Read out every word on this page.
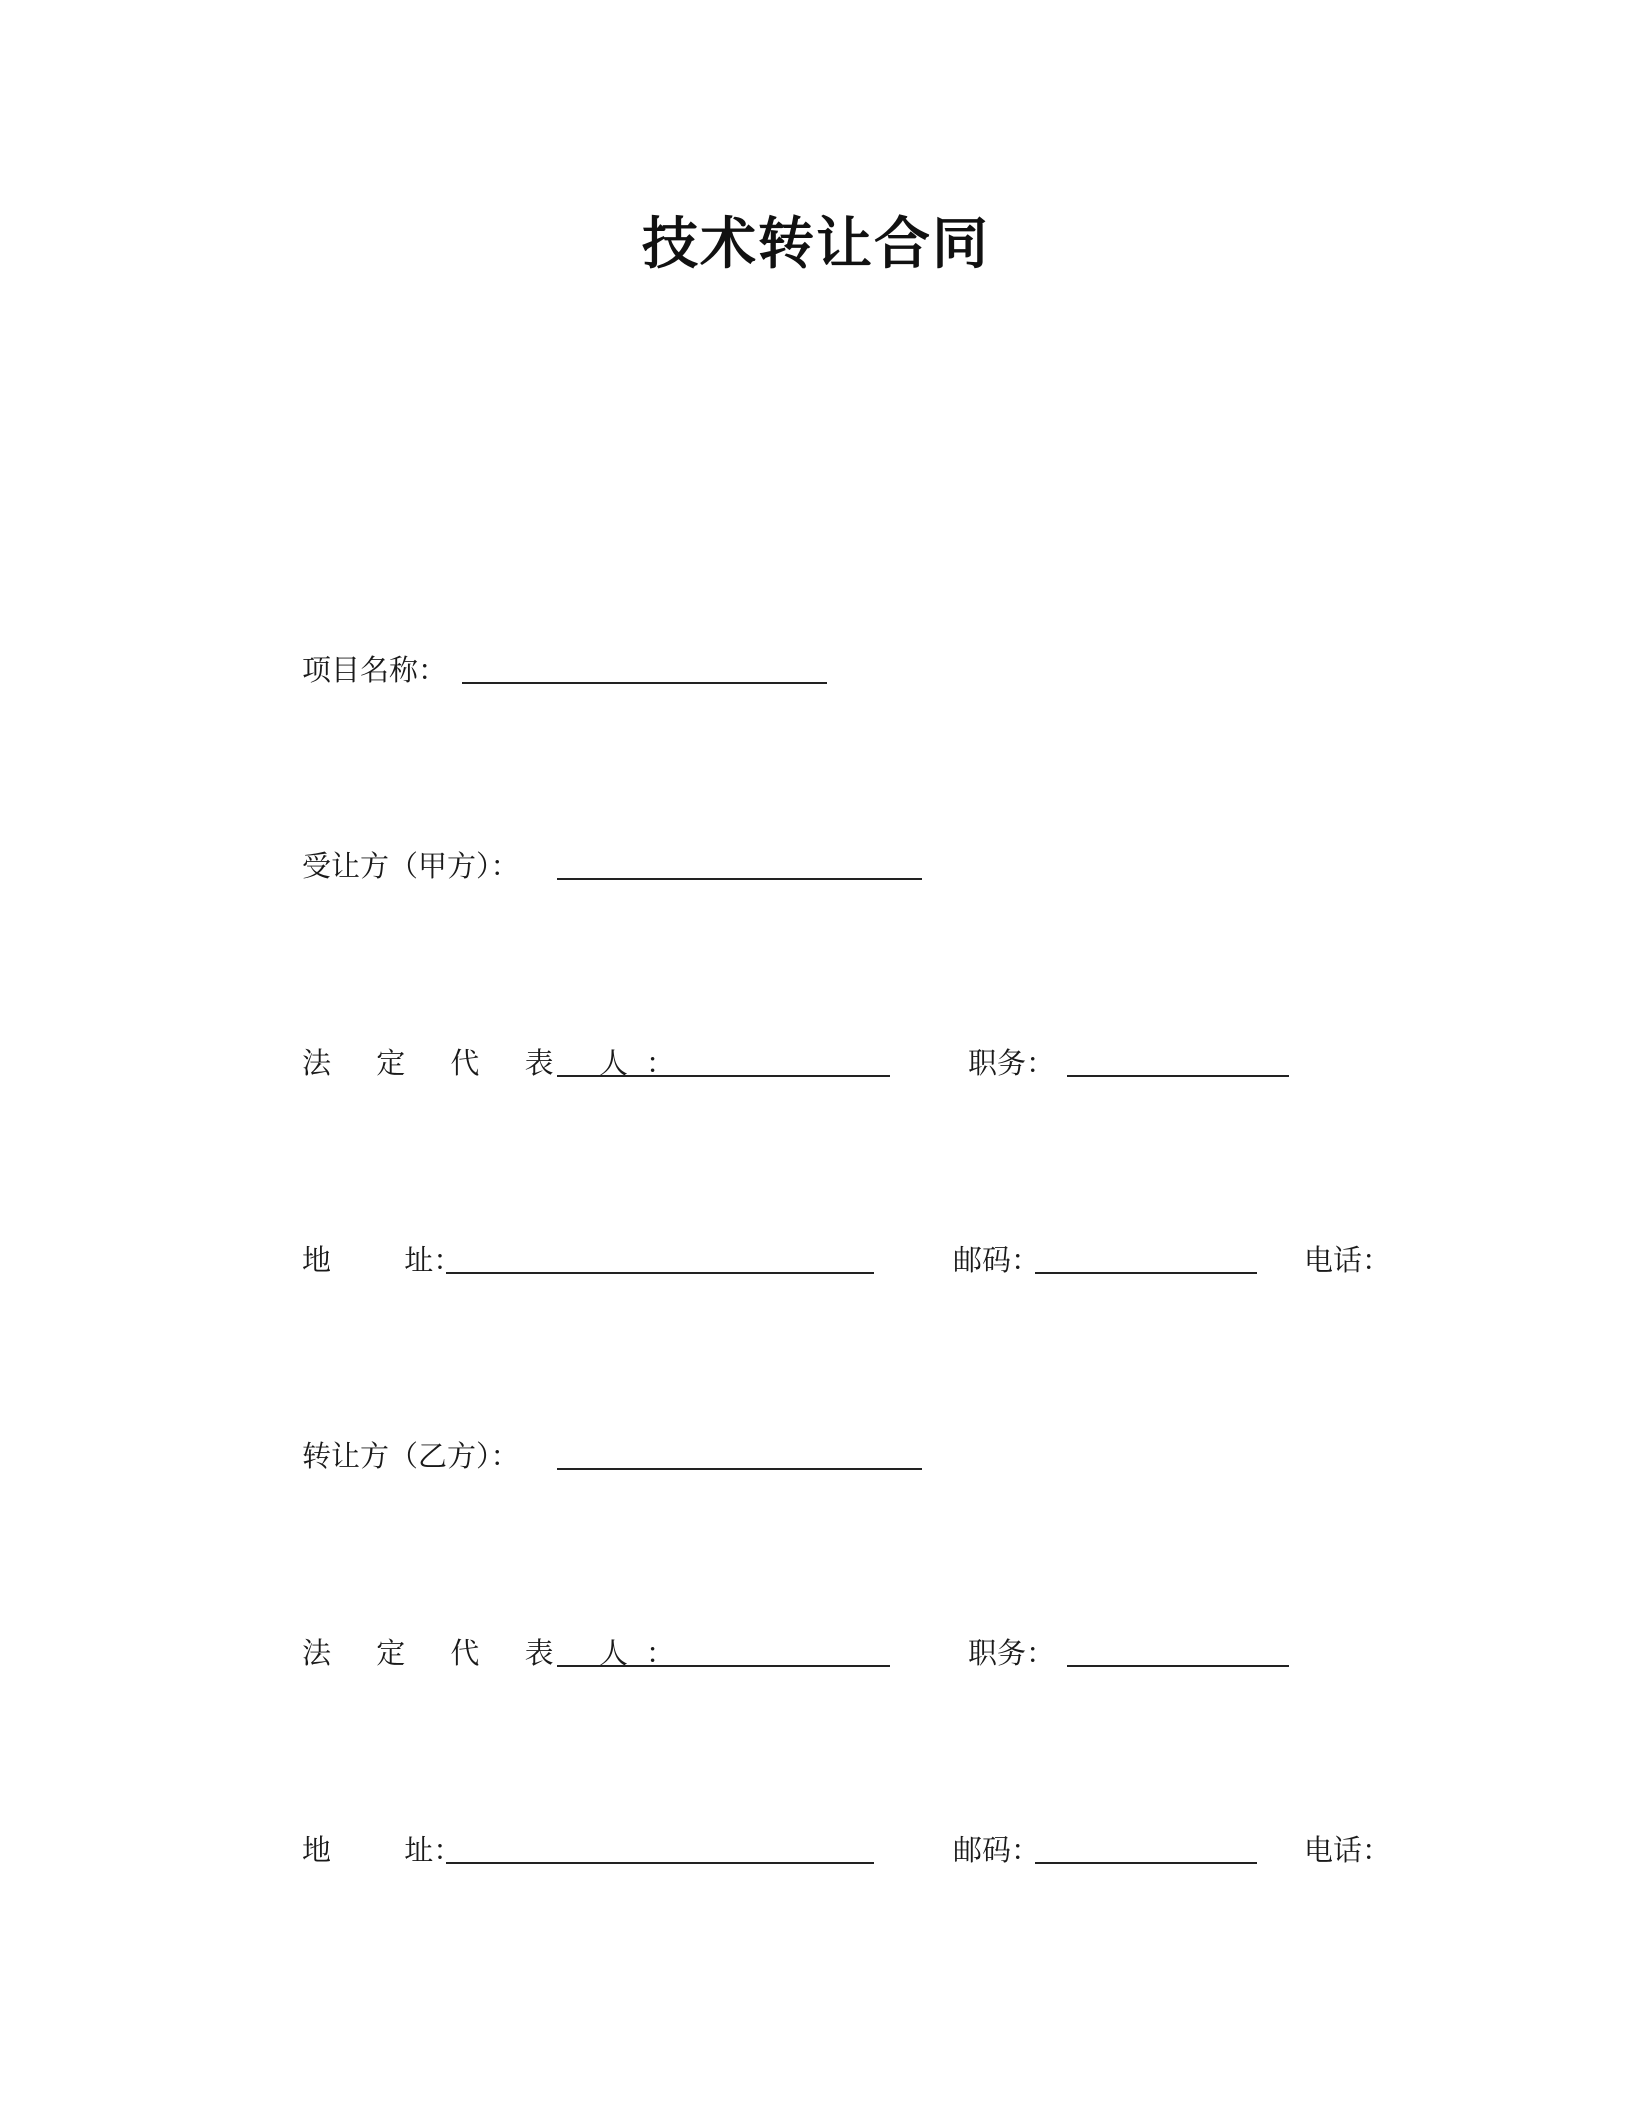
技术转让合同
项目名称：
受让方（甲方）：
法 定 代 表 人：	职务：
地 址：	邮码：	电话：
转让方（乙方）：
法 定 代 表 人：	职务：
地 址：	邮码：	电话：
